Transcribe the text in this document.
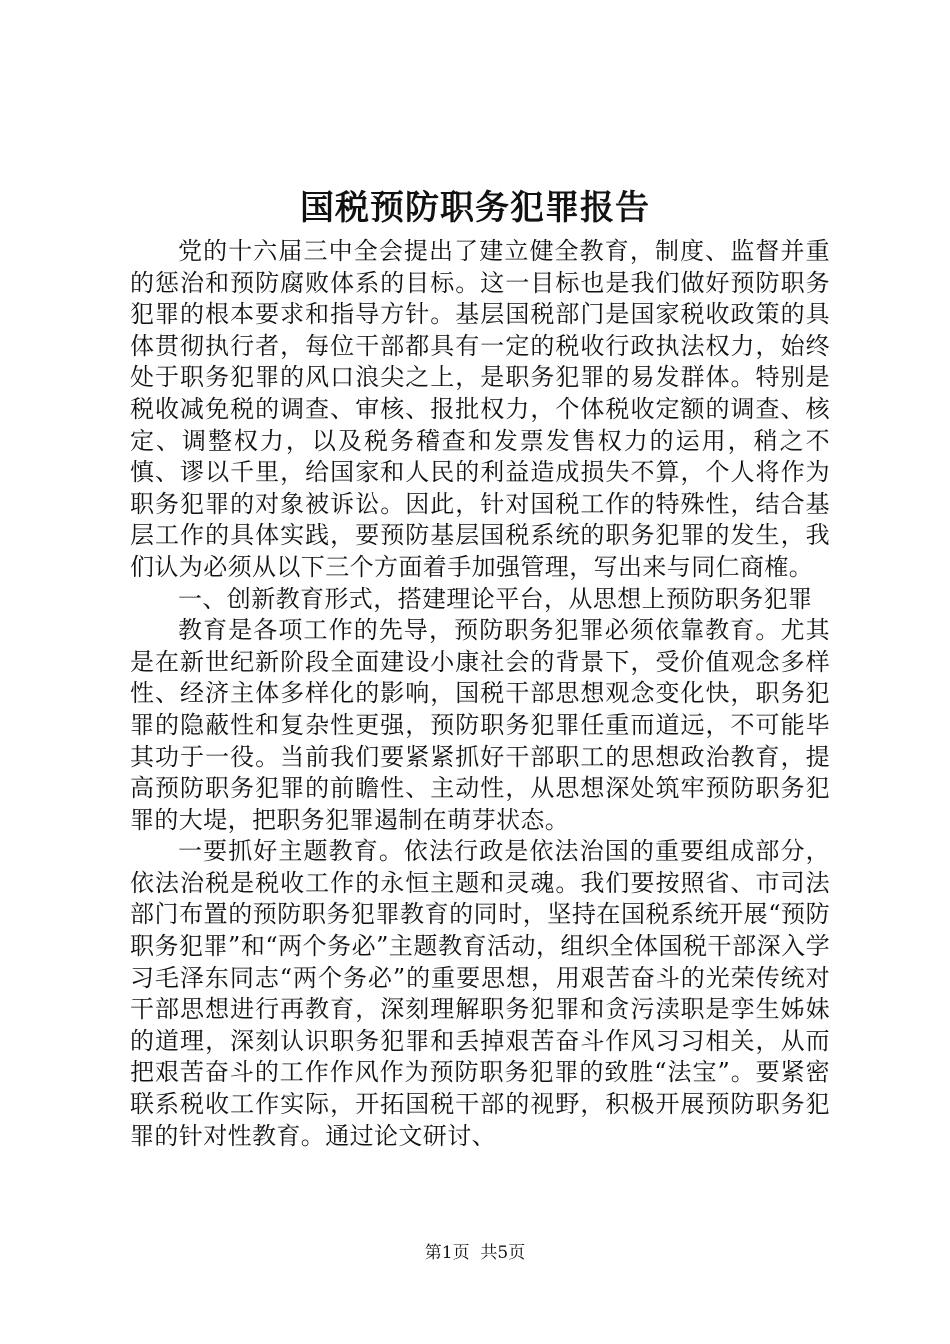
国税预防职务犯罪报告

党的十六届三中全会提出了建立健全教育，制度、监督并重的惩治和预防腐败体系的目标。这一目标也是我们做好预防职务犯罪的根本要求和指导方针。基层国税部门是国家税收政策的具体贯彻执行者，每位干部都具有一定的税收行政执法权力，始终处于职务犯罪的风口浪尖之上，是职务犯罪的易发群体。特别是税收减免税的调查、审核、报批权力，个体税收定额的调查、核定、调整权力，以及税务稽查和发票发售权力的运用，稍之不慎、谬以千里，给国家和人民的利益造成损失不算，个人将作为职务犯罪的对象被诉讼。因此，针对国税工作的特殊性，结合基层工作的具体实践，要预防基层国税系统的职务犯罪的发生，我们认为必须从以下三个方面着手加强管理，写出来与同仁商榷。

一、创新教育形式，搭建理论平台，从思想上预防职务犯罪

教育是各项工作的先导，预防职务犯罪必须依靠教育。尤其是在新世纪新阶段全面建设小康社会的背景下，受价值观念多样性、经济主体多样化的影响，国税干部思想观念变化快，职务犯罪的隐蔽性和复杂性更强，预防职务犯罪任重而道远，不可能毕其功于一役。当前我们要紧紧抓好干部职工的思想政治教育，提高预防职务犯罪的前瞻性、主动性，从思想深处筑牢预防职务犯罪的大堤，把职务犯罪遏制在萌芽状态。

一要抓好主题教育。依法行政是依法治国的重要组成部分，依法治税是税收工作的永恒主题和灵魂。我们要按照省、市司法部门布置的预防职务犯罪教育的同时，坚持在国税系统开展“预防职务犯罪”和“两个务必”主题教育活动，组织全体国税干部深入学习毛泽东同志“两个务必”的重要思想，用艰苦奋斗的光荣传统对干部思想进行再教育，深刻理解职务犯罪和贪污渎职是孪生姊妹的道理，深刻认识职务犯罪和丢掉艰苦奋斗作风习习相关，从而把艰苦奋斗的工作作风作为预防职务犯罪的致胜“法宝”。要紧密联系税收工作实际，开拓国税干部的视野，积极开展预防职务犯罪的针对性教育。通过论文研讨、

第1页  共5页
